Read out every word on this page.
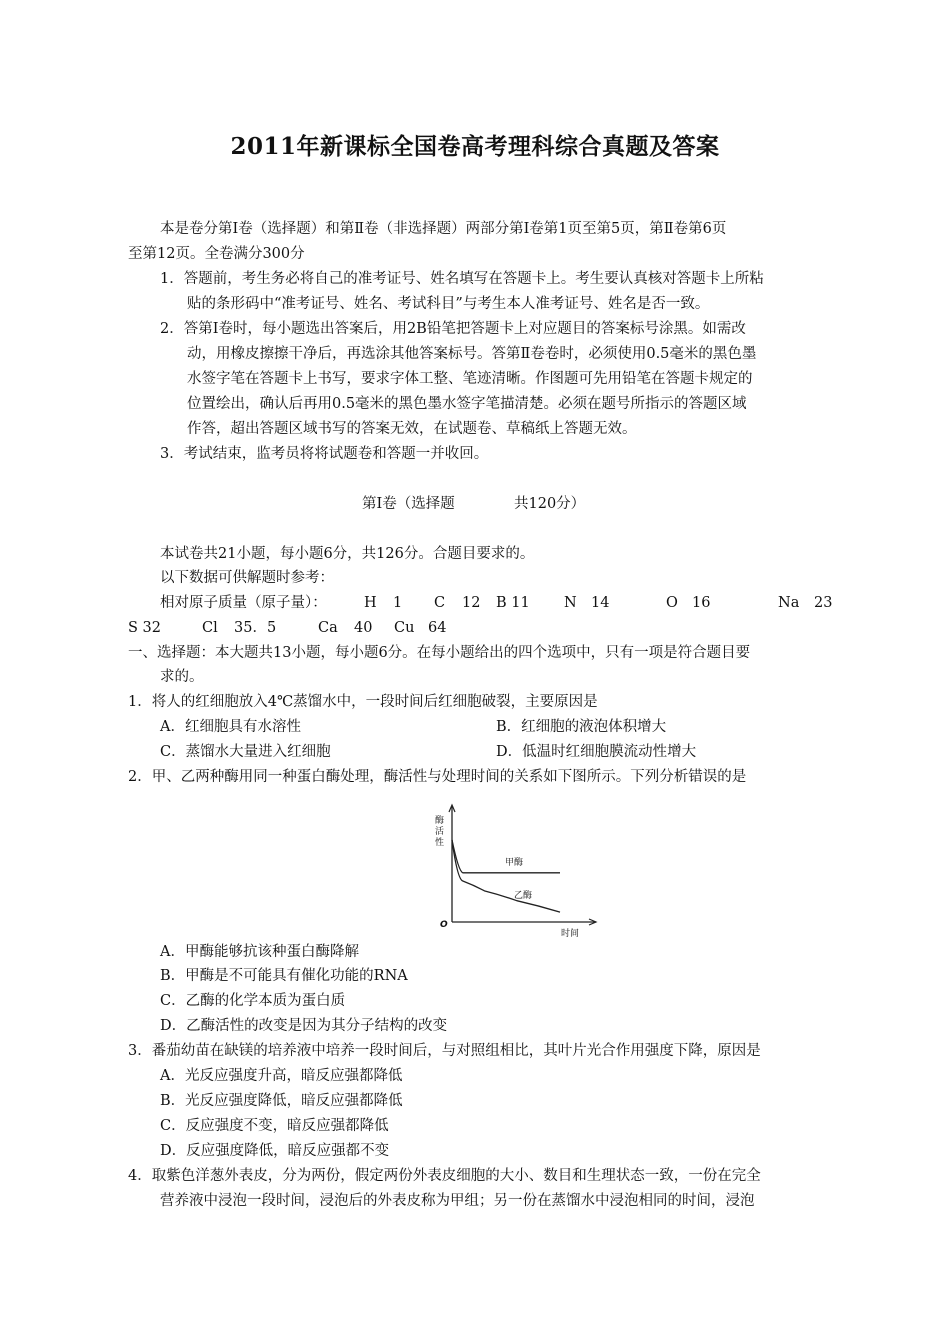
2011年新课标全国卷高考理科综合真题及答案
本是卷分第Ⅰ卷（选择题）和第Ⅱ卷（非选择题）两部分第Ⅰ卷第1页至第5页，第Ⅱ卷第6页
至第12页。全卷满分300分
1．答题前，考生务必将自己的准考证号、姓名填写在答题卡上。考生要认真核对答题卡上所粘
贴的条形码中“准考证号、姓名、考试科目”与考生本人准考证号、姓名是否一致。
2．答第Ⅰ卷时，每小题选出答案后，用2B铅笔把答题卡上对应题目的答案标号涂黑。如需改
动，用橡皮擦擦干净后，再选涂其他答案标号。答第Ⅱ卷卷时，必须使用0.5毫米的黑色墨
水签字笔在答题卡上书写，要求字体工整、笔迹清晰。作图题可先用铅笔在答题卡规定的
位置绘出，确认后再用0.5毫米的黑色墨水签字笔描清楚。必须在题号所指示的答题区域
作答，超出答题区域书写的答案无效，在试题卷、草稿纸上答题无效。
3．考试结束，监考员将将试题卷和答题一并收回。
第Ⅰ卷（选择题	共120分）
本试卷共21小题，每小题6分，共126分。合题目要求的。
以下数据可供解题时参考：
相对原子质量（原子量）：	H 1 C 12 B 11 N 14	O 16	Na 23
S 32	Cl 35．5	Ca 40 Cu 64
一、选择题：本大题共13小题，每小题6分。在每小题给出的四个选项中，只有一项是符合题目要
求的。
1．将人的红细胞放入4℃蒸馏水中，一段时间后红细胞破裂，主要原因是
A．红细胞具有水溶性	B．红细胞的液泡体积增大
C．蒸馏水大量进入红细胞	D．低温时红细胞膜流动性增大
2．甲、乙两种酶用同一种蛋白酶处理，酶活性与处理时间的关系如下图所示。下列分析错误的是
酶活性
甲酶
乙酶
时间
O
A．甲酶能够抗该种蛋白酶降解
B．甲酶是不可能具有催化功能的RNA
C．乙酶的化学本质为蛋白质
D．乙酶活性的改变是因为其分子结构的改变
3．番茄幼苗在缺镁的培养液中培养一段时间后，与对照组相比，其叶片光合作用强度下降，原因是
A．光反应强度升高，暗反应强都降低
B．光反应强度降低，暗反应强都降低
C．反应强度不变，暗反应强都降低
D．反应强度降低，暗反应强都不变
4．取紫色洋葱外表皮，分为两份，假定两份外表皮细胞的大小、数目和生理状态一致，一份在完全
营养液中浸泡一段时间，浸泡后的外表皮称为甲组；另一份在蒸馏水中浸泡相同的时间，浸泡
